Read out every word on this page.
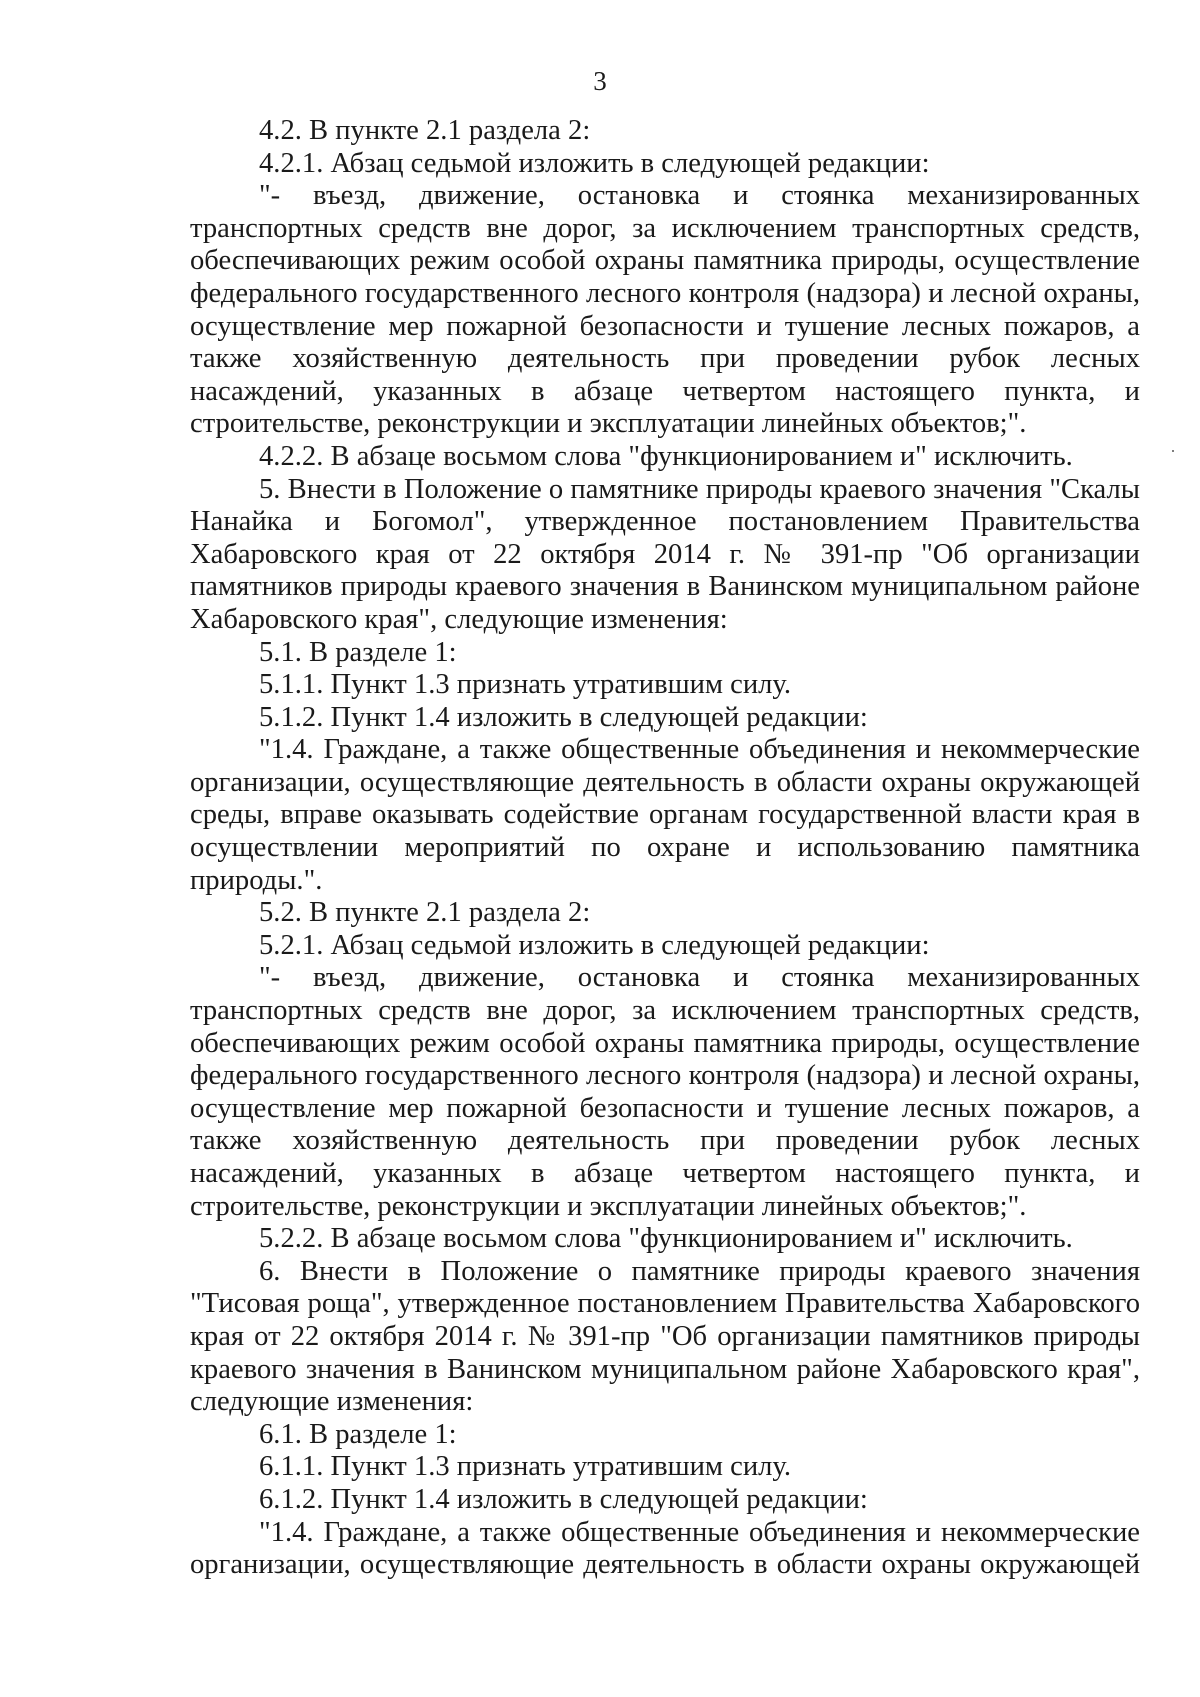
3

4.2. В пункте 2.1 раздела 2:

4.2.1. Абзац седьмой изложить в следующей редакции:

"- въезд, движение, остановка и стоянка механизированных транспортных средств вне дорог, за исключением транспортных средств, обеспечивающих режим особой охраны памятника природы, осуществление федерального государственного лесного контроля (надзора) и лесной охраны, осуществление мер пожарной безопасности и тушение лесных пожаров, а также хозяйственную деятельность при проведении рубок лесных насаждений, указанных в абзаце четвертом настоящего пункта, и строительстве, реконструкции и эксплуатации линейных объектов;".

4.2.2. В абзаце восьмом слова "функционированием и" исключить.

5. Внести в Положение о памятнике природы краевого значения "Скалы Нанайка и Богомол", утвержденное постановлением Правительства Хабаровского края от 22 октября 2014 г. № 391-пр "Об организации памятников природы краевого значения в Ванинском муниципальном районе Хабаровского края", следующие изменения:

5.1. В разделе 1:

5.1.1. Пункт 1.3 признать утратившим силу.

5.1.2. Пункт 1.4 изложить в следующей редакции:

"1.4. Граждане, а также общественные объединения и некоммерческие организации, осуществляющие деятельность в области охраны окружающей среды, вправе оказывать содействие органам государственной власти края в осуществлении мероприятий по охране и использованию памятника природы.".

5.2. В пункте 2.1 раздела 2:

5.2.1. Абзац седьмой изложить в следующей редакции:

"- въезд, движение, остановка и стоянка механизированных транспортных средств вне дорог, за исключением транспортных средств, обеспечивающих режим особой охраны памятника природы, осуществление федерального государственного лесного контроля (надзора) и лесной охраны, осуществление мер пожарной безопасности и тушение лесных пожаров, а также хозяйственную деятельность при проведении рубок лесных насаждений, указанных в абзаце четвертом настоящего пункта, и строительстве, реконструкции и эксплуатации линейных объектов;".

5.2.2. В абзаце восьмом слова "функционированием и" исключить.

6. Внести в Положение о памятнике природы краевого значения "Тисовая роща", утвержденное постановлением Правительства Хабаровского края от 22 октября 2014 г. № 391-пр "Об организации памятников природы краевого значения в Ванинском муниципальном районе Хабаровского края", следующие изменения:

6.1. В разделе 1:

6.1.1. Пункт 1.3 признать утратившим силу.

6.1.2. Пункт 1.4 изложить в следующей редакции:

"1.4. Граждане, а также общественные объединения и некоммерческие организации, осуществляющие деятельность в области охраны окружающей
